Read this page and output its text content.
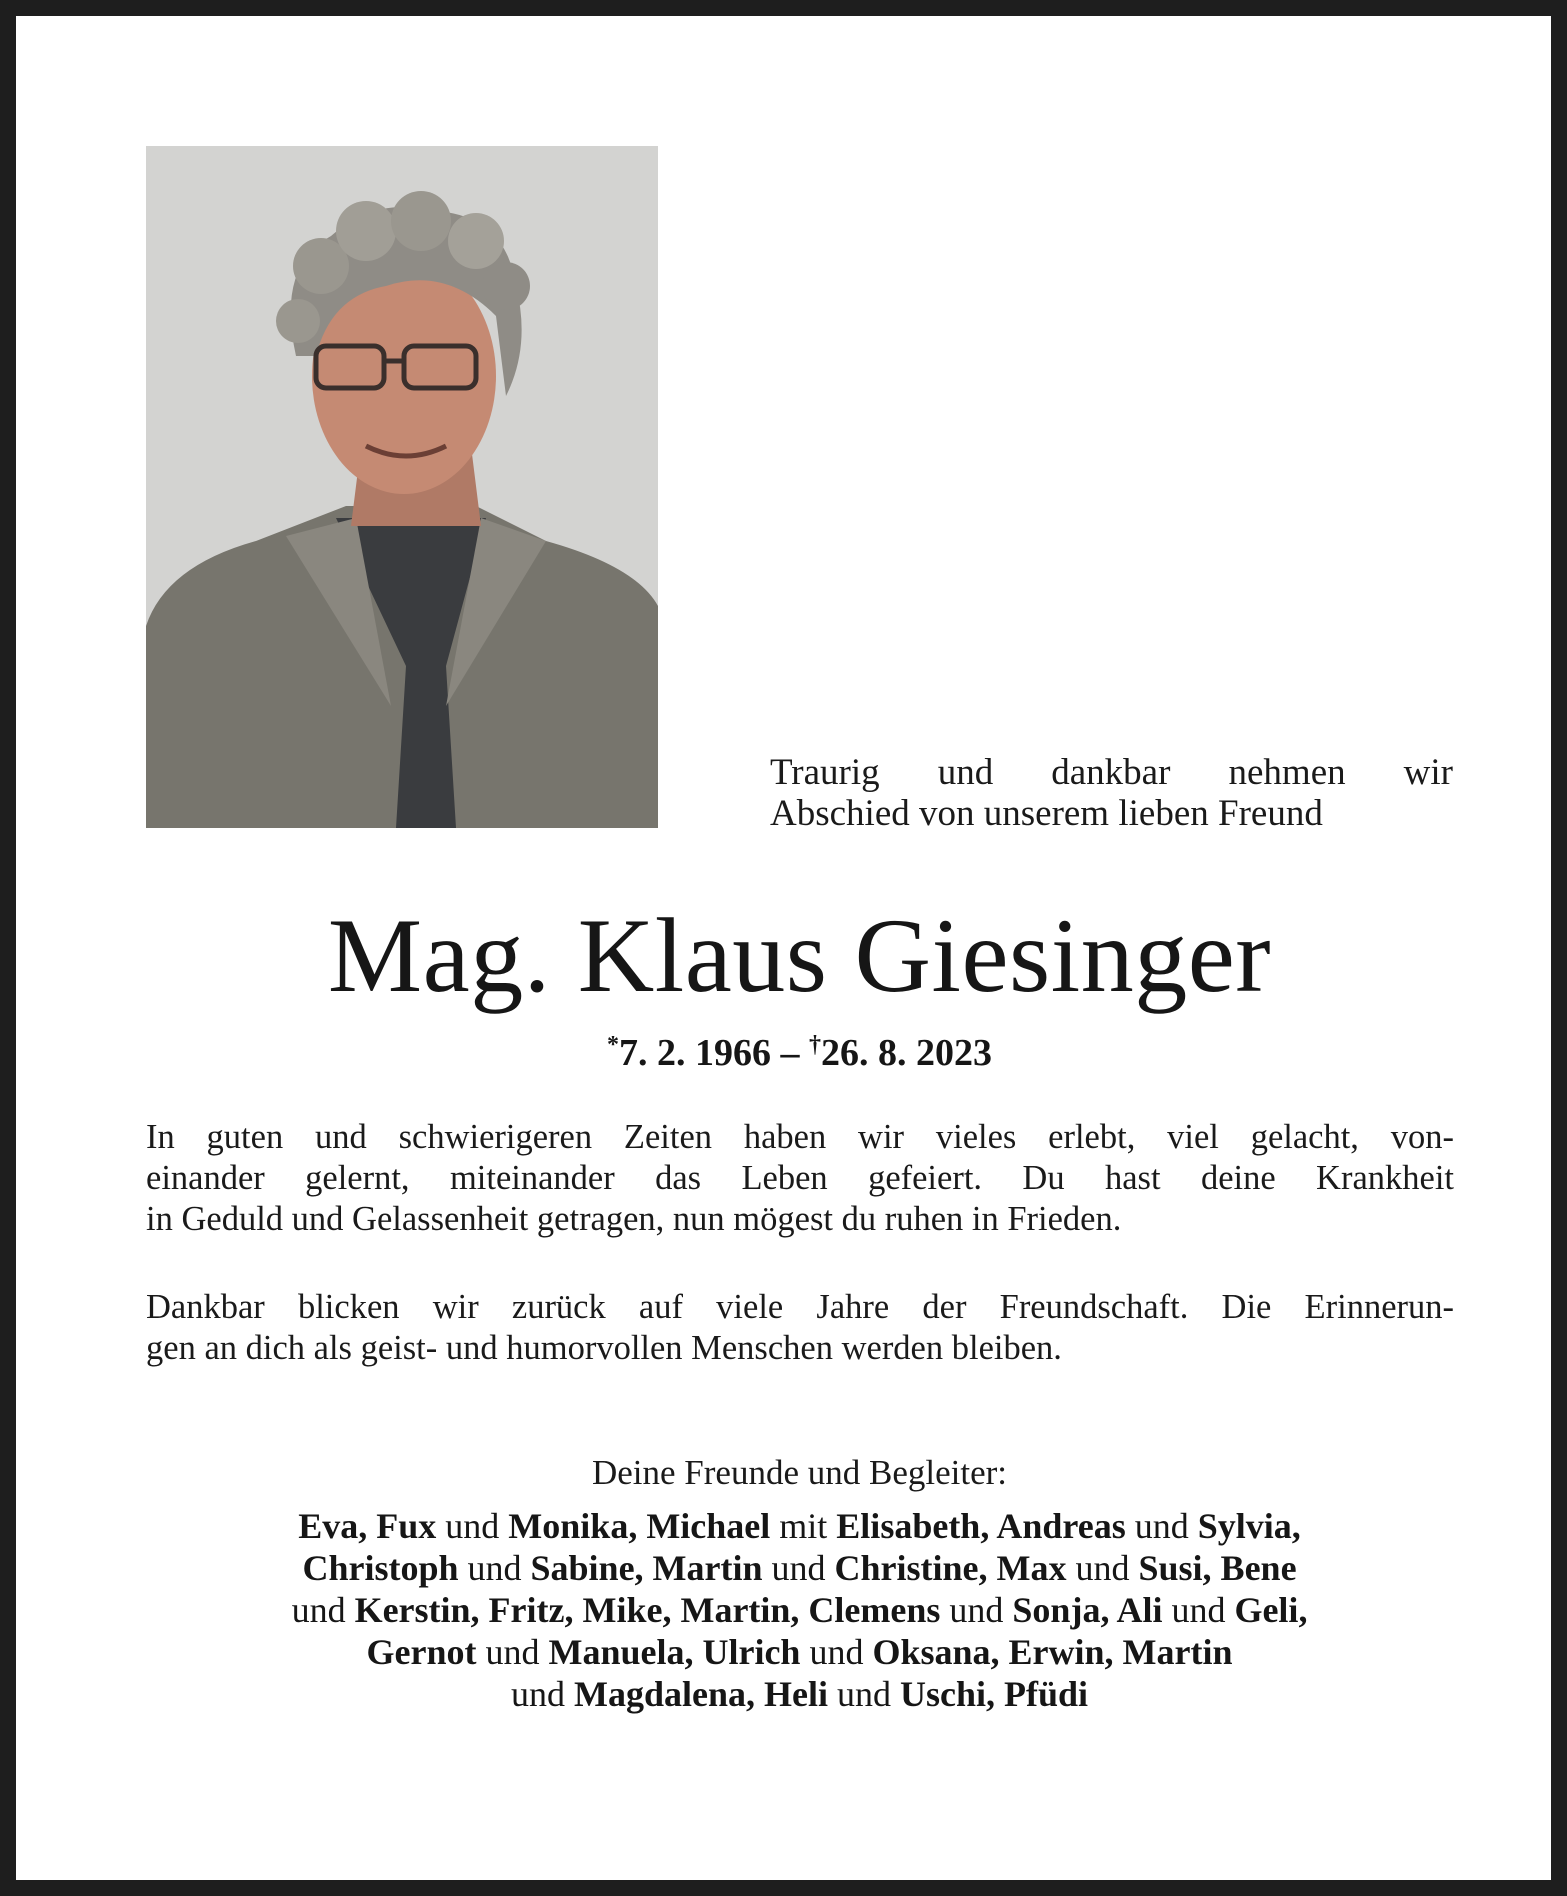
Traurig und dankbar nehmen wir
Abschied von unserem lieben Freund
Mag. Klaus Giesinger
*7. 2. 1966 – †26. 8. 2023
In guten und schwierigeren Zeiten haben wir vieles erlebt, viel gelacht, von-
einander gelernt, miteinander das Leben gefeiert. Du hast deine Krankheit
in Geduld und Gelassenheit getragen, nun mögest du ruhen in Frieden.
Dankbar blicken wir zurück auf viele Jahre der Freundschaft. Die Erinnerun-
gen an dich als geist- und humorvollen Menschen werden bleiben.
Deine Freunde und Begleiter:
Eva, Fux und Monika, Michael mit Elisabeth, Andreas und Sylvia,
Christoph und Sabine, Martin und Christine, Max und Susi, Bene
und Kerstin, Fritz, Mike, Martin, Clemens und Sonja, Ali und Geli,
Gernot und Manuela, Ulrich und Oksana, Erwin, Martin
und Magdalena, Heli und Uschi, Pfüdi
